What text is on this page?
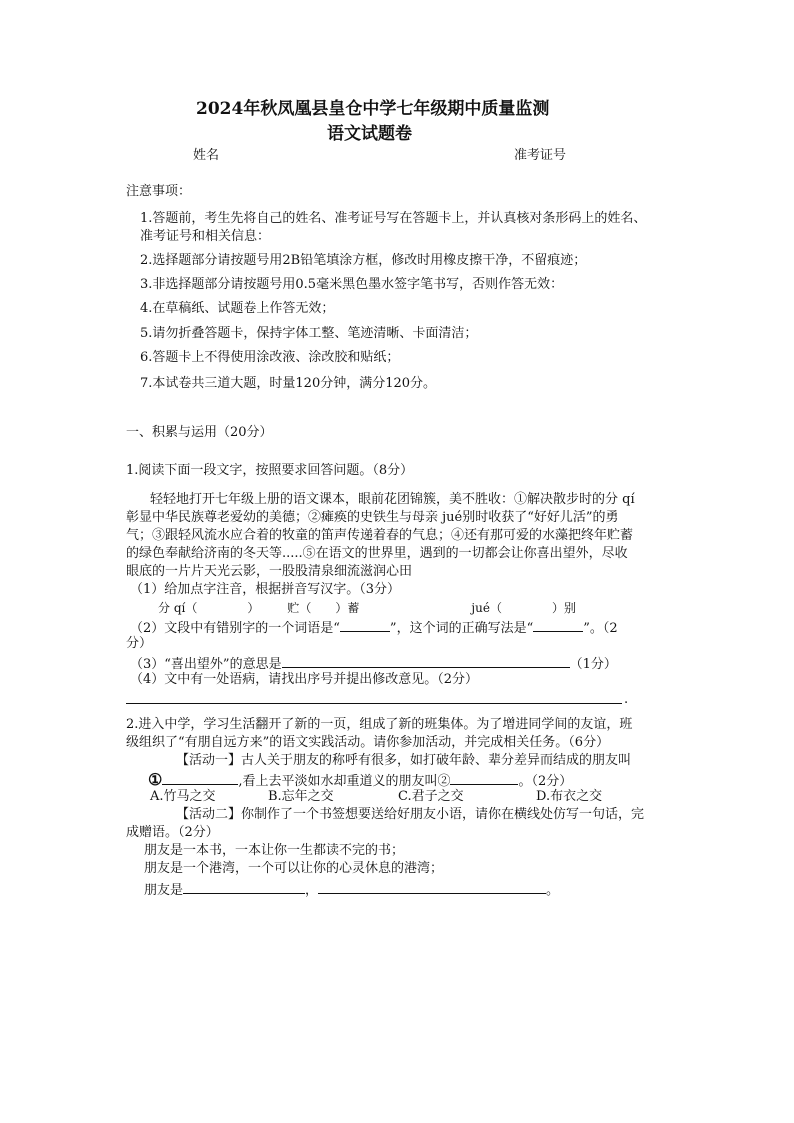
2024年秋凤凰县皇仓中学七年级期中质量监测
语文试题卷
姓名	准考证号
注意事项：
1.答题前，考生先将自己的姓名、准考证号写在答题卡上，并认真核对条形码上的姓名、
准考证号和相关信息：
2.选择题部分请按题号用2B铅笔填涂方框，修改时用橡皮擦干净，不留痕迹；
3.非选择题部分请按题号用0.5毫米黑色墨水签字笔书写，否则作答无效：
4.在草稿纸、试题卷上作答无效；
5.请勿折叠答题卡，保持字体工整、笔迹清晰、卡面清洁；
6.答题卡上不得使用涂改液、涂改胶和贴纸；
7.本试卷共三道大题，时量120分钟，满分120分。
一、积累与运用（20分）
1.阅读下面一段文字，按照要求回答问题。（8分）
轻轻地打开七年级上册的语文课本，眼前花团锦簇，美不胜收：①解决散步时的分 qí
彰显中华民族尊老爱幼的美德；②瘫痪的史铁生与母亲 jué别时收获了“好好儿活”的勇
气；③跟轻风流水应合着的牧童的笛声传递着春的气息；④还有那可爱的水藻把终年贮蓄
的绿色奉献给济南的冬天等.....⑤在语文的世界里，遇到的一切都会让你喜出望外，尽收
眼底的一片片天光云影，一股股清泉细流滋润心田
（1）给加点字注音，根据拼音写汉字。（3分）
分 qí（	） 贮（ ）蓄	jué（	）别
（2）文段中有错别字的一个词语是“	”，这个词的正确写法是“	”。（2
分）
（3）“喜出望外”的意思是	（1分）
（4）文中有一处语病，请找出序号并提出修改意见。（2分）
.
2.进入中学，学习生活翻开了新的一页，组成了新的班集体。为了增进同学间的友谊，班
级组织了“有朋自远方来”的语文实践活动。请你参加活动，并完成相关任务。（6分）
【活动一】古人关于朋友的称呼有很多，如打破年龄、辈分差异而结成的朋友叫
①	,看上去平淡如水却重道义的朋友叫②	。（2分）
A.竹马之交	B.忘年之交	C.君子之交	D.布衣之交
【活动二】你制作了一个书签想要送给好朋友小语，请你在横线处仿写一句话，完
成赠语。（2分）
朋友是一本书，一本让你一生都读不完的书；
朋友是一个港湾，一个可以让你的心灵休息的港湾；
朋友是	，	。
